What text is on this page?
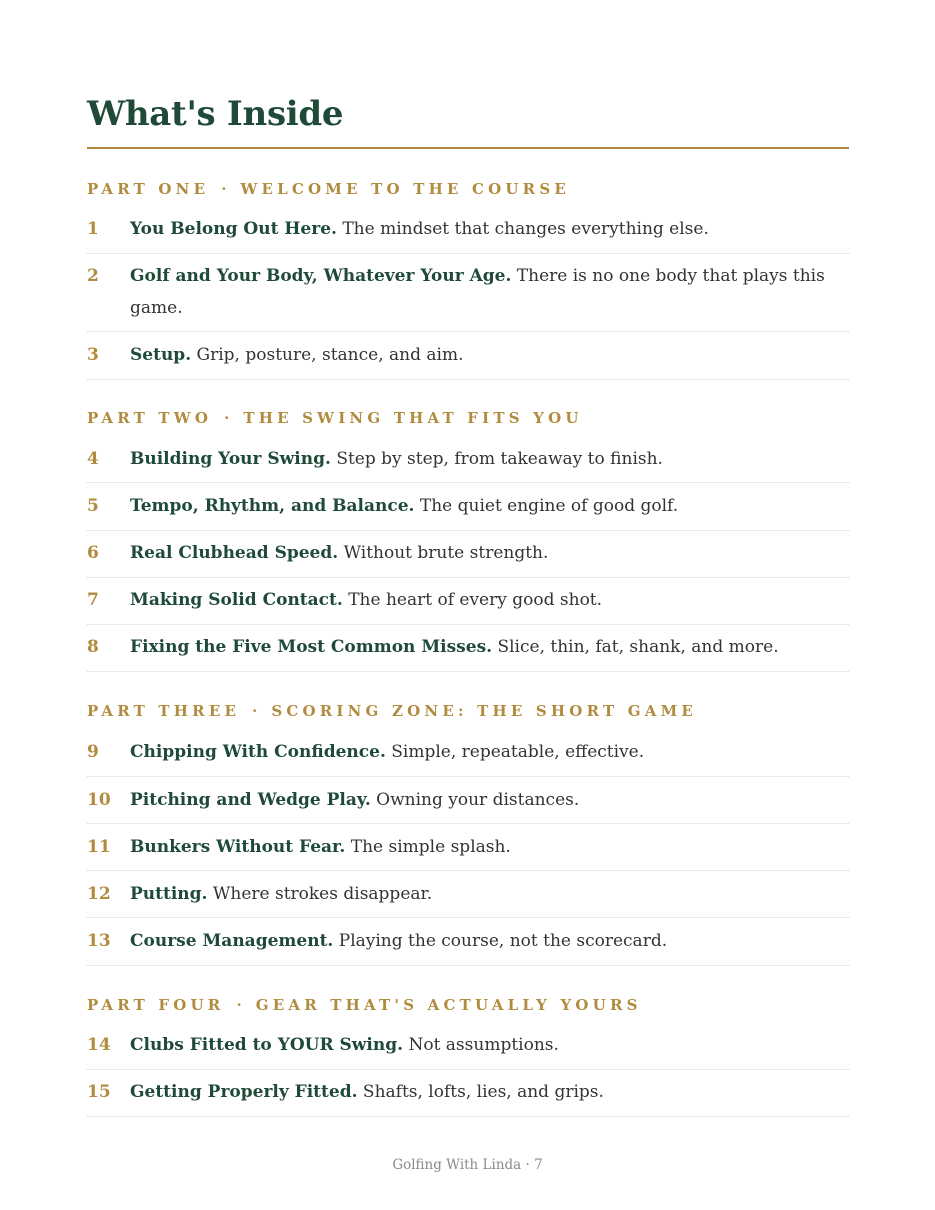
What's Inside
PART ONE · WELCOME TO THE COURSE
1 You Belong Out Here. The mindset that changes everything else.
2 Golf and Your Body, Whatever Your Age. There is no one body that plays this game.
3 Setup. Grip, posture, stance, and aim.
PART TWO · THE SWING THAT FITS YOU
4 Building Your Swing. Step by step, from takeaway to finish.
5 Tempo, Rhythm, and Balance. The quiet engine of good golf.
6 Real Clubhead Speed. Without brute strength.
7 Making Solid Contact. The heart of every good shot.
8 Fixing the Five Most Common Misses. Slice, thin, fat, shank, and more.
PART THREE · SCORING ZONE: THE SHORT GAME
9 Chipping With Confidence. Simple, repeatable, effective.
10 Pitching and Wedge Play. Owning your distances.
11 Bunkers Without Fear. The simple splash.
12 Putting. Where strokes disappear.
13 Course Management. Playing the course, not the scorecard.
PART FOUR · GEAR THAT'S ACTUALLY YOURS
14 Clubs Fitted to YOUR Swing. Not assumptions.
15 Getting Properly Fitted. Shafts, lofts, lies, and grips.
Golfing With Linda · 7
